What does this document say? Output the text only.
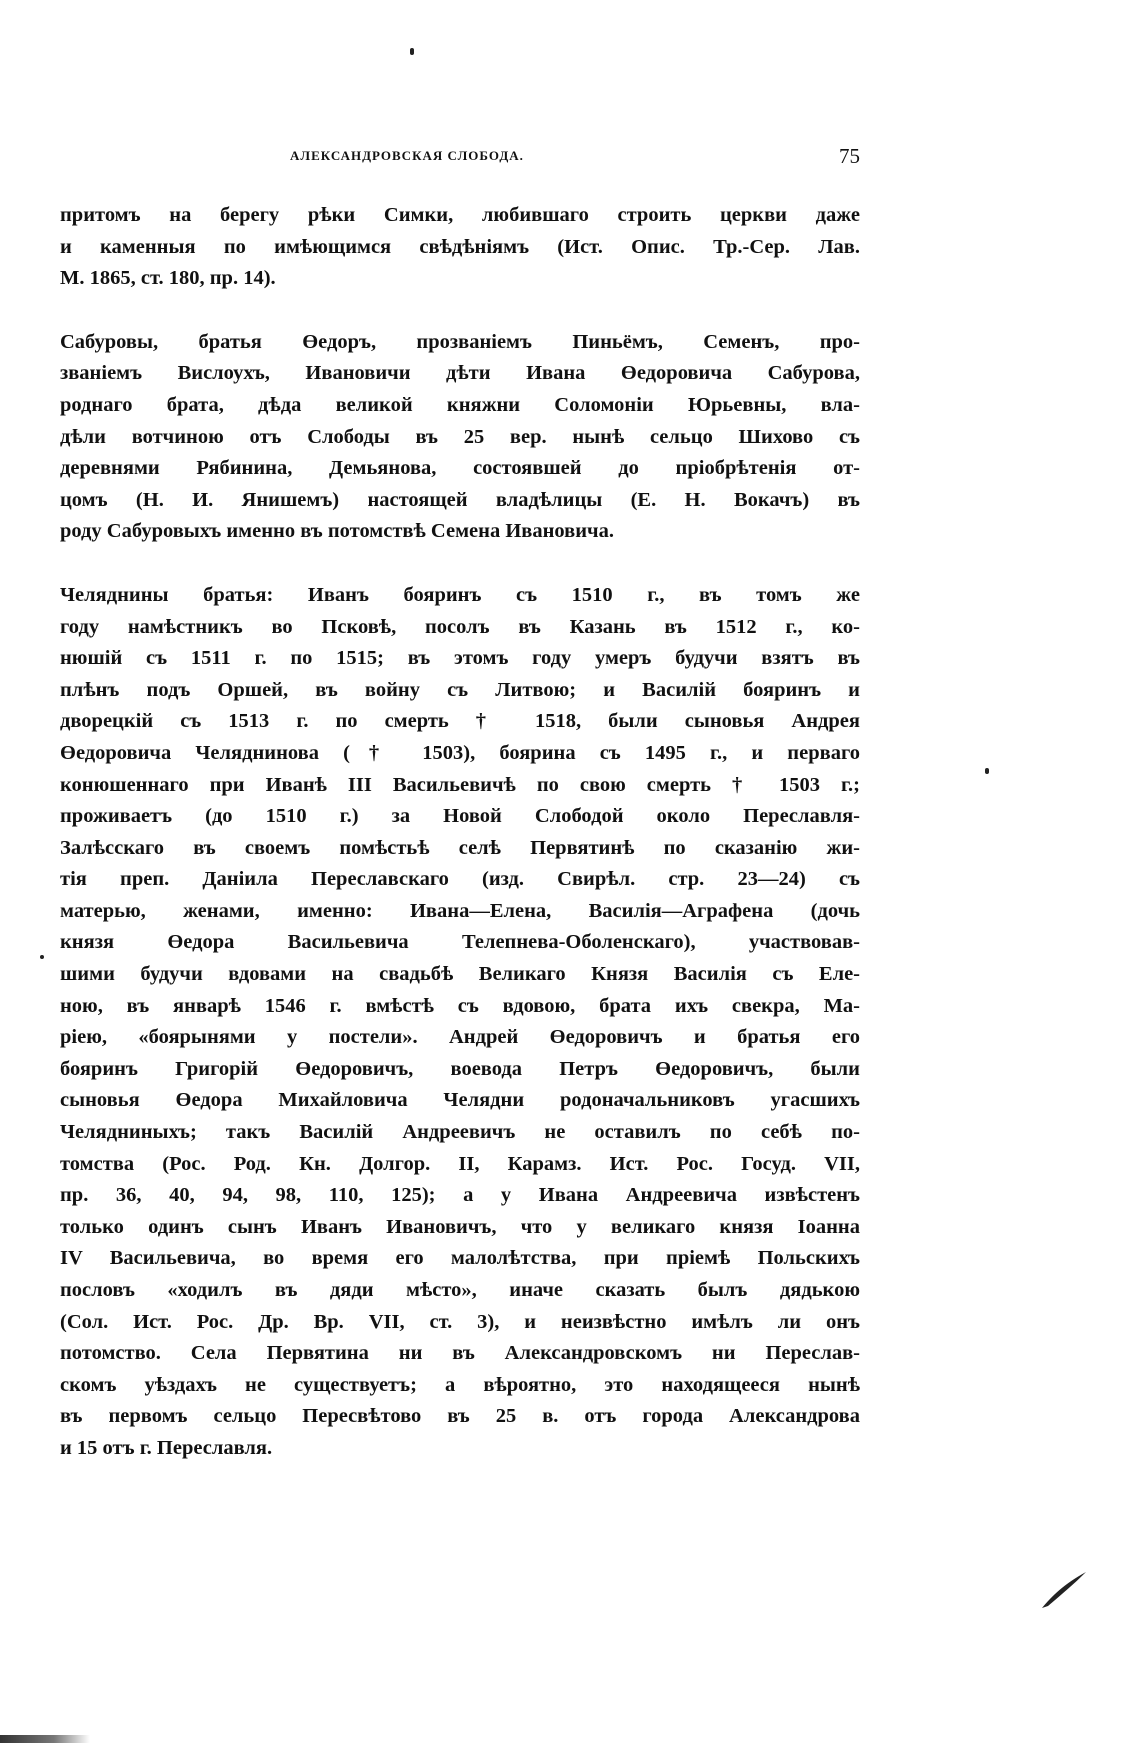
АЛЕКСАНДРОВСКАЯ СЛОБОДА.	75
притомъ на берегу рѣки Симки, любившаго строить церкви даже
и каменныя по имѣющимся свѣдѣніямъ (Ист. Опис. Тр.-Сер. Лав.
М. 1865, ст. 180, пр. 14).
Сабуровы, братья Өедоръ, прозваніемъ Пиньёмъ, Семенъ, про-
званіемъ Вислоухъ, Ивановичи дѣти Ивана Өедоровича Сабурова,
роднаго брата, дѣда великой княжни Соломоніи Юрьевны, вла-
дѣли вотчиною отъ Слободы въ 25 вер. нынѣ сельцо Шихово съ
деревнями Рябинина, Демьянова, состоявшей до пріобрѣтенія от-
цомъ (Н. И. Янишемъ) настоящей владѣлицы (Е. Н. Вокачъ) въ
роду Сабуровыхъ именно въ потомствѣ Семена Ивановича.
Челяднины братья: Иванъ бояринъ съ 1510 г., въ томъ же
году намѣстникъ во Псковѣ, посолъ въ Казань въ 1512 г., ко-
нюшій съ 1511 г. по 1515; въ этомъ году умеръ будучи взятъ въ
плѣнъ подъ Оршей, въ войну съ Литвою; и Василій бояринъ и
дворецкій съ 1513 г. по смерть † 1518, были сыновья Андрея
Өедоровича Челяднинова († 1503), боярина съ 1495 г., и перваго
конюшеннаго при Иванѣ III Васильевичѣ по свою смерть † 1503 г.;
проживаетъ (до 1510 г.) за Новой Слободой около Переславля-
Залѣсскаго въ своемъ помѣстьѣ селѣ Первятинѣ по сказанію жи-
тія преп. Даніила Переславскаго (изд. Свирѣл. стр. 23—24) съ
матерью, женами, именно: Ивана—Елена, Василія—Аграфена (дочь
князя Өедора Васильевича Телепнева-Оболенскаго), участвовав-
шими будучи вдовами на свадьбѣ Великаго Князя Василія съ Еле-
ною, въ январѣ 1546 г. вмѣстѣ съ вдовою, брата ихъ свекра, Ма-
ріею, «боярынями у постели». Андрей Өедоровичъ и братья его
бояринъ Григорій Өедоровичъ, воевода Петръ Өедоровичъ, были
сыновья Өедора Михайловича Челядни родоначальниковъ угасшихъ
Челядниныхъ; такъ Василій Андреевичъ не оставилъ по себѣ по-
томства (Рос. Род. Кн. Долгор. II, Карамз. Ист. Рос. Госуд. VII,
пр. 36, 40, 94, 98, 110, 125); а у Ивана Андреевича извѣстенъ
только одинъ сынъ Иванъ Ивановичъ, что у великаго князя Іоанна
IV Васильевича, во время его малолѣтства, при пріемѣ Польскихъ
пословъ «ходилъ въ дяди мѣсто», иначе сказать былъ дядькою
(Сол. Ист. Рос. Др. Вр. VII, ст. 3), и неизвѣстно имѣлъ ли онъ
потомство. Села Первятина ни въ Александровскомъ ни Переслав-
скомъ уѣздахъ не существуетъ; а вѣроятно, это находящееся нынѣ
въ первомъ сельцо Пересвѣтово въ 25 в. отъ города Александрова
и 15 отъ г. Переславля.
